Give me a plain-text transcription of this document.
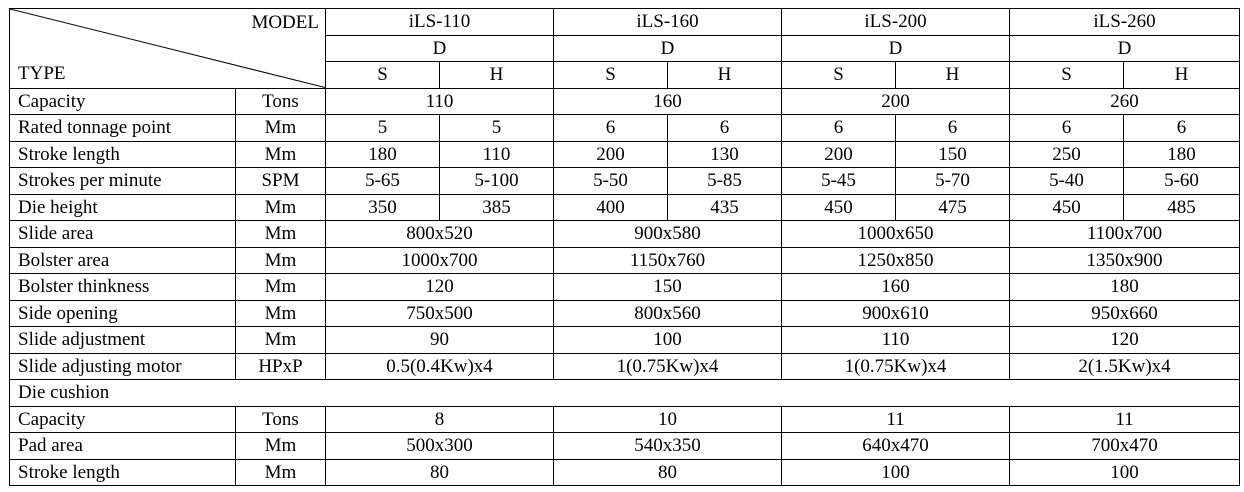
MODEL
TYPE		iLS-110		iLS-160		iLS-200		iLS-260	
		D		D		D		D	
		S	H	S	H	S	H	S	H
Capacity	Tons	110		160		200		260	
Rated tonnage point	Mm	5	5	6	6	6	6	6	6
Stroke length	Mm	180	110	200	130	200	150	250	180
Strokes per minute	SPM	5-65	5-100	5-50	5-85	5-45	5-70	5-40	5-60
Die height	Mm	350	385	400	435	450	475	450	485
Slide area	Mm	800x520		900x580		1000x650		1100x700	
Bolster area	Mm	1000x700		1150x760		1250x850		1350x900	
Bolster thinkness	Mm	120		150		160		180	
Side opening	Mm	750x500		800x560		900x610		950x660	
Slide adjustment	Mm	90		100		110		120	
Slide adjusting motor	HPxP	0.5(0.4Kw)x4		1(0.75Kw)x4		1(0.75Kw)x4		2(1.5Kw)x4	
Die cushion									
Capacity	Tons	8		10		11		11	
Pad area	Mm	500x300		540x350		640x470		700x470	
Stroke length	Mm	80		80		100		100	
